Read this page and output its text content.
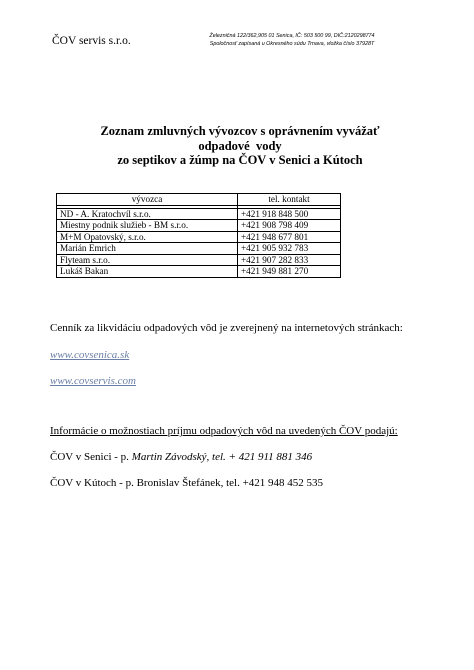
ČOV servis s.r.o.	Železničná 122/362,905 01 Senica, IČ: 503 500 99, DIČ:2120298774
Spoločnosť zapísaná u Okresného súdu Trnava, vložka číslo 37928T
Zoznam zmluvných vývozcov s oprávnením vyvážať
odpadové  vody
zo septikov a žúmp na ČOV v Senici a Kútoch
vývozca	tel. kontakt

ND - A. Kratochvíl s.r.o.	+421 918 848 500
Miestny podnik služieb - BM s.r.o.	+421 908 798 409
M+M Opatovský, s.r.o.	+421 948 677 801
Marián Emrich	+421 905 932 783
Flyteam s.r.o.	+421 907 282 833
Lukáš Bakan	+421 949 881 270
Cenník za likvidáciu odpadových vôd je zverejnený na internetových stránkach:
www.covsenica.sk
www.covservis.com
Informácie o možnostiach príjmu odpadových vôd na uvedených ČOV podajú:
ČOV v Senici - p. Martin Závodský, tel. + 421 911 881 346
ČOV v Kútoch - p. Bronislav Štefánek, tel. +421 948 452 535
